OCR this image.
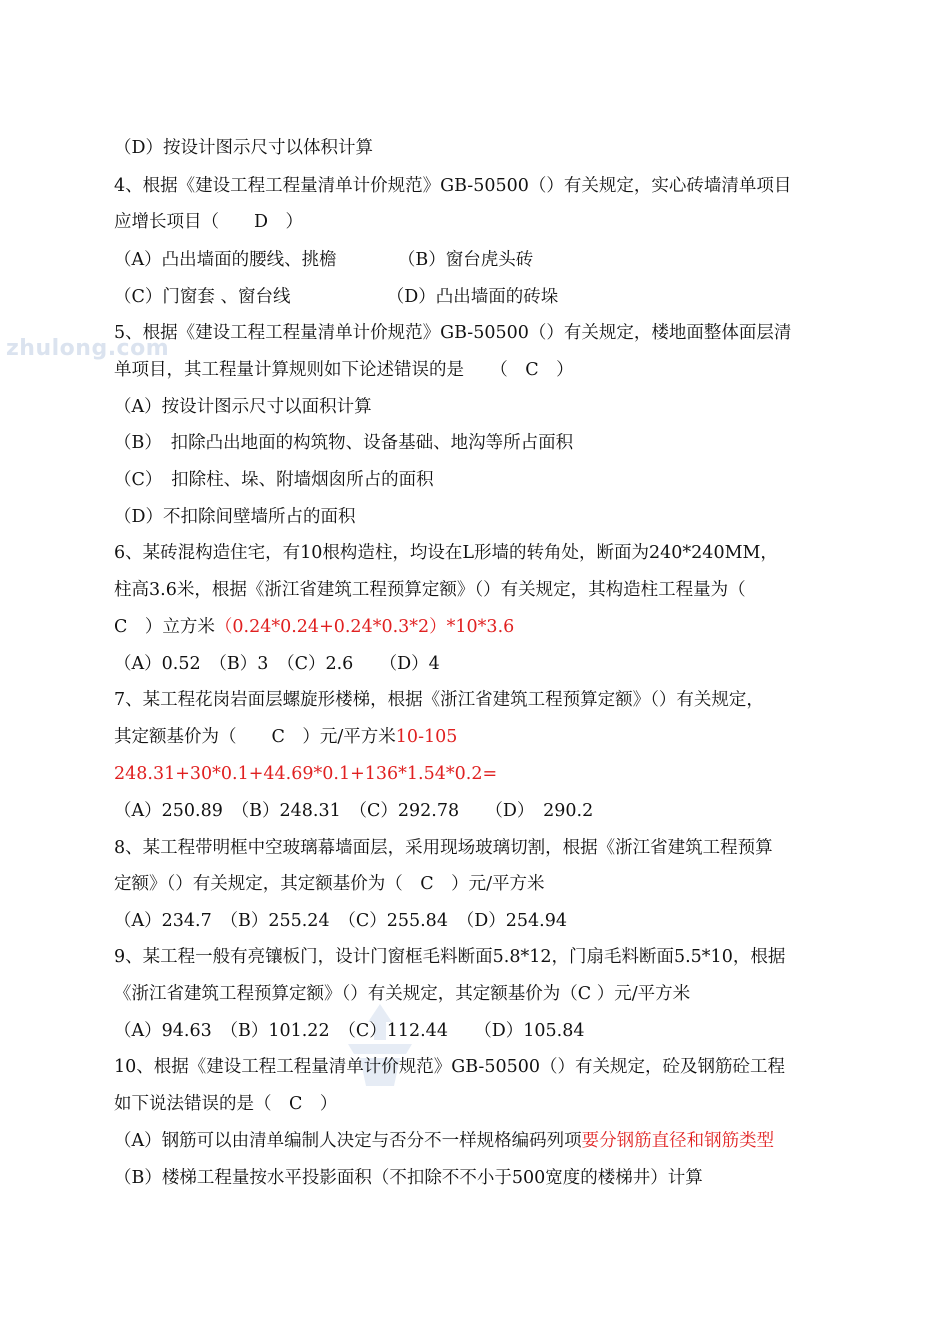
zhulong.com
（D）按设计图示尺寸以体积计算
4、根据《建设工程工程量清单计价规范》GB-50500（）有关规定，实心砖墙清单项目
应增长项目（　　D　）
（A）凸出墙面的腰线、挑檐　　　　（B）窗台虎头砖
（C）门窗套 、窗台线　　　　　　（D）凸出墙面的砖垛
5、根据《建设工程工程量清单计价规范》GB-50500（）有关规定，楼地面整体面层清
单项目，其工程量计算规则如下论述错误的是　　（　C　）
（A）按设计图示尺寸以面积计算
（B）　扣除凸出地面的构筑物、设备基础、地沟等所占面积
（C）　扣除柱、垛、附墙烟囱所占的面积
（D）不扣除间壁墙所占的面积
6、某砖混构造住宅，有10根构造柱，均设在L形墙的转角处，断面为240*240MM，
柱高3.6米，根据《浙江省建筑工程预算定额》（）有关规定，其构造柱工程量为（
C　）立方米（0.24*0.24+0.24*0.3*2）*10*3.6
（A）0.52　（B）3　（C）2.6　　（D）4
7、某工程花岗岩面层螺旋形楼梯，根据《浙江省建筑工程预算定额》（）有关规定，
其定额基价为（　　C　）元/平方米10-105
248.31+30*0.1+44.69*0.1+136*1.54*0.2=
（A）250.89　（B）248.31　（C）292.78　　（D）　290.2
8、某工程带明框中空玻璃幕墙面层，采用现场玻璃切割，根据《浙江省建筑工程预算
定额》（）有关规定，其定额基价为（　C　）元/平方米
（A）234.7　（B）255.24　（C）255.84　（D）254.94
9、某工程一般有亮镶板门，设计门窗框毛料断面5.8*12，门扇毛料断面5.5*10，根据
《浙江省建筑工程预算定额》（）有关规定，其定额基价为（C ）元/平方米
（A）94.63　（B）101.22　（C）112.44　　（D）105.84
10、根据《建设工程工程量清单计价规范》GB-50500（）有关规定，砼及钢筋砼工程
如下说法错误的是（　C　）
（A）钢筋可以由清单编制人决定与否分不一样规格编码列项要分钢筋直径和钢筋类型
（B）楼梯工程量按水平投影面积（不扣除不不小于500宽度的楼梯井）计算
